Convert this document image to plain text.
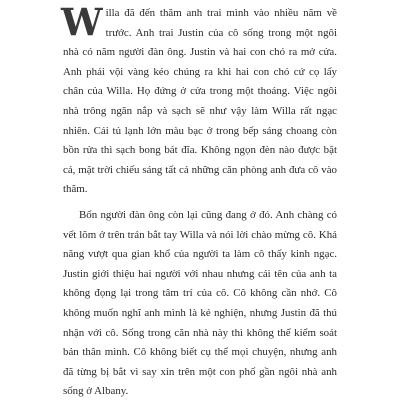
Willa đã đến thăm anh trai mình vào nhiều năm về trước. Anh trai Justin của cô sống trong một ngôi nhà có năm người đàn ông. Justin và hai con chó ra mở cửa. Anh phải vội vàng kéo chúng ra khi hai con chó cứ cọ lấy chân của Willa. Họ đứng ở cửa trong một thoáng. Việc ngôi nhà trông ngăn nắp và sạch sẽ như vậy làm Willa rất ngạc nhiên. Cái tủ lạnh lớn màu bạc ở trong bếp sáng choang còn bồn rửa thì sạch bong bát đĩa. Không ngọn đèn nào được bật cả, mặt trời chiếu sáng tất cả những căn phòng anh đưa cô vào thăm.

Bốn người đàn ông còn lại cũng đang ở đó. Anh chàng có vết lõm ở trên trán bắt tay Willa và nói lời chào mừng cô. Khả năng vượt qua gian khổ của người ta làm cô thấy kinh ngạc. Justin giới thiệu hai người với nhau nhưng cái tên của anh ta không đọng lại trong tâm trí của cô. Cô không cần nhớ. Cô không muốn nghĩ anh mình là kẻ nghiện, nhưng Justin đã thú nhận với cô. Sống trong căn nhà này thì không thể kiểm soát bản thân mình. Cô không biết cụ thể mọi chuyện, nhưng anh đã từng bị bắt vì say xỉn trên một con phố gần ngôi nhà anh sống ở Albany.
